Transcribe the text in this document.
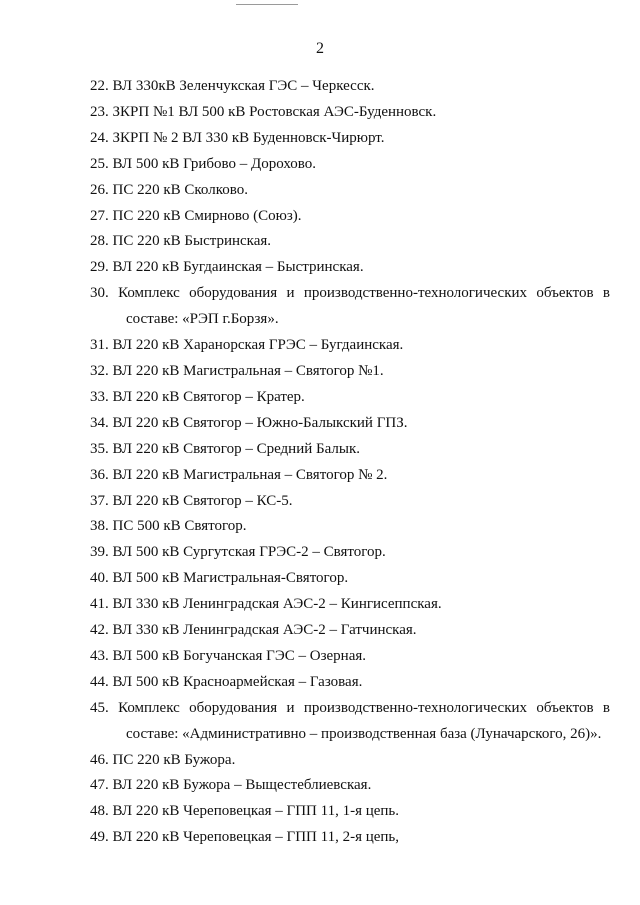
2
22. ВЛ 330кВ Зеленчукская ГЭС – Черкесск.
23. ЗКРП №1 ВЛ 500 кВ Ростовская АЭС-Буденновск.
24. ЗКРП № 2 ВЛ 330 кВ Буденновск-Чирюрт.
25. ВЛ 500 кВ Грибово – Дорохово.
26. ПС 220 кВ Сколково.
27. ПС 220 кВ Смирново (Союз).
28. ПС 220 кВ Быстринская.
29. ВЛ 220 кВ Бугдаинская – Быстринская.
30. Комплекс оборудования и производственно-технологических объектов в
составе: «РЭП г.Борзя».
31. ВЛ 220 кВ Харанорская ГРЭС – Бугдаинская.
32. ВЛ 220 кВ Магистральная – Святогор №1.
33. ВЛ 220 кВ Святогор – Кратер.
34. ВЛ 220 кВ Святогор – Южно-Балыкский ГПЗ.
35. ВЛ 220 кВ Святогор – Средний Балык.
36. ВЛ 220 кВ Магистральная – Святогор № 2.
37. ВЛ 220 кВ Святогор – КС-5.
38. ПС 500 кВ Святогор.
39. ВЛ 500 кВ Сургутская ГРЭС-2 – Святогор.
40. ВЛ 500 кВ Магистральная-Святогор.
41. ВЛ 330 кВ Ленинградская АЭС-2 – Кингисеппская.
42. ВЛ 330 кВ Ленинградская АЭС-2 – Гатчинская.
43. ВЛ 500 кВ Богучанская ГЭС – Озерная.
44. ВЛ 500 кВ Красноармейская – Газовая.
45. Комплекс оборудования и производственно-технологических объектов в
составе: «Административно – производственная база (Луначарского, 26)».
46. ПС 220 кВ Бужора.
47. ВЛ 220 кВ Бужора – Выщестеблиевская.
48. ВЛ 220 кВ Череповецкая – ГПП 11, 1-я цепь.
49. ВЛ 220 кВ Череповецкая – ГПП 11, 2-я цепь,
